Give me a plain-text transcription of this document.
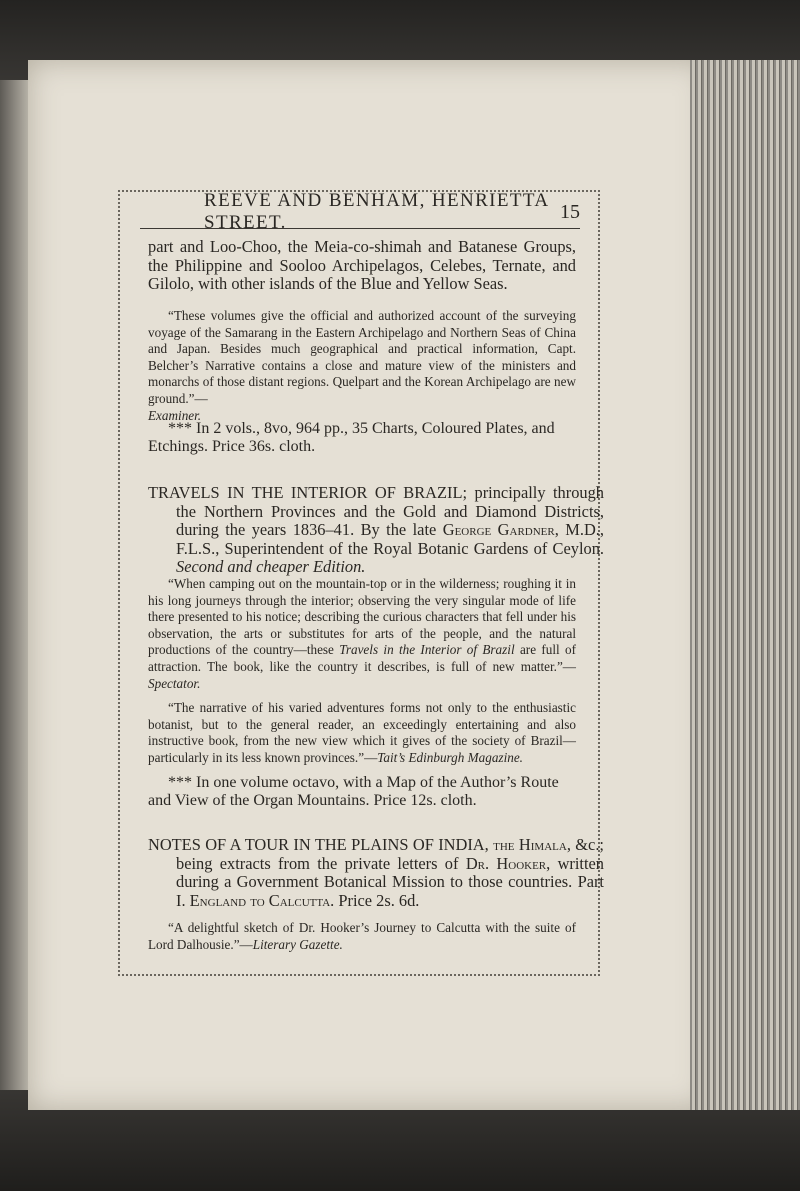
REEVE AND BENHAM, HENRIETTA STREET.	15

part and Loo-Choo, the Meia-co-shimah and Batanese Groups, the Philippine and Sooloo Archipelagos, Celebes, Ternate, and Gilolo, with other islands of the Blue and Yellow Seas.

“These volumes give the official and authorized account of the surveying voyage of the Samarang in the Eastern Archipelago and Northern Seas of China and Japan. Besides much geographical and practical information, Capt. Belcher’s Narrative contains a close and mature view of the ministers and monarchs of those distant regions. Quelpart and the Korean Archipelago are new ground.”—
Examiner.

*** In 2 vols., 8vo, 964 pp., 35 Charts, Coloured Plates, and Etchings. Price 36s. cloth.

TRAVELS IN THE INTERIOR OF BRAZIL; principally through the Northern Provinces and the Gold and Diamond Districts, during the years 1836–41. By the late George Gardner, M.D., F.L.S., Superintendent of the Royal Botanic Gardens of Ceylon. Second and cheaper Edition.

“When camping out on the mountain-top or in the wilderness; roughing it in his long journeys through the interior; observing the very singular mode of life there presented to his notice; describing the curious characters that fell under his observation, the arts or substitutes for arts of the people, and the natural productions of the country—these Travels in the Interior of Brazil are full of attraction. The book, like the country it describes, is full of new matter.”— Spectator.

“The narrative of his varied adventures forms not only to the enthusiastic botanist, but to the general reader, an exceedingly entertaining and also instructive book, from the new view which it gives of the society of Brazil—particularly in its less known provinces.”—Tait’s Edinburgh Magazine.

*** In one volume octavo, with a Map of the Author’s Route and View of the Organ Mountains. Price 12s. cloth.

NOTES OF A TOUR IN THE PLAINS OF INDIA, the Himala, &c.; being extracts from the private letters of Dr. Hooker, written during a Government Botanical Mission to those countries. Part I. England to Calcutta. Price 2s. 6d.

“A delightful sketch of Dr. Hooker’s Journey to Calcutta with the suite of Lord Dalhousie.”—Literary Gazette.
